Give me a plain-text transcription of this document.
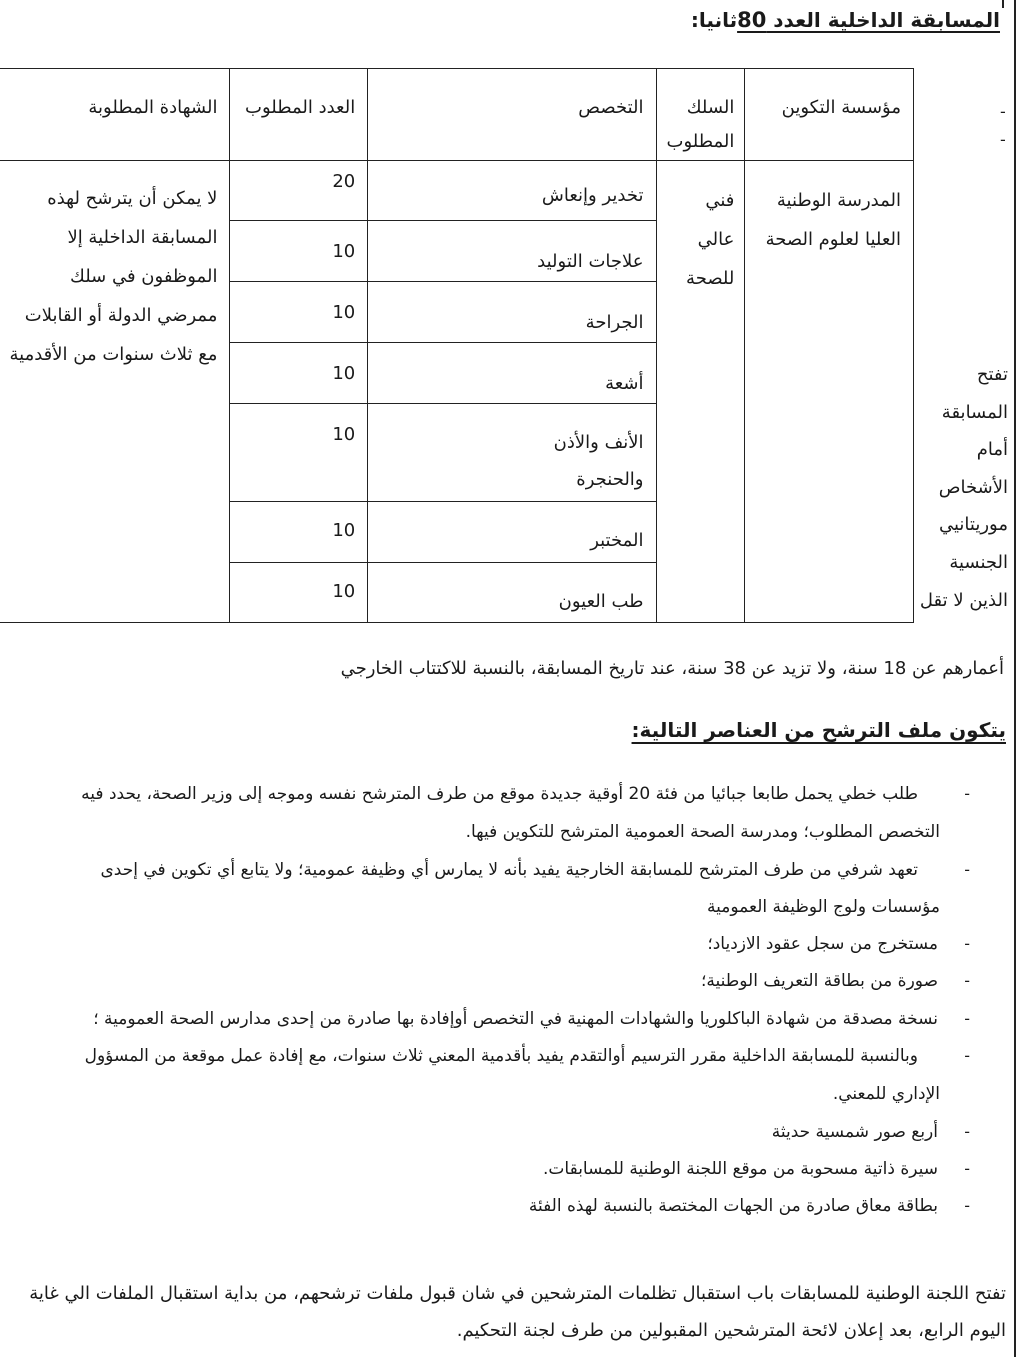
المسابقة الداخلية العدد 80ثانيا:
-
-
مؤسسة التكوين	السلك المطلوب	التخصص	العدد المطلوب	الشهادة المطلوبة

المدرسة الوطنية العليا لعلوم الصحة	فني عالي للصحة	تخدير وإنعاش	20	لا يمكن أن يترشح لهذه المسابقة الداخلية إلا الموظفون في سلك ممرضي الدولة أو القابلات مع ثلاث سنوات من الأقدمية

		علاجات التوليد	10	

		الجراحة	10	

		أشعة	10	

		الأنف والأذن والحنجرة	10	

		المختبر	10	

		طب العيون	10	
تفتح المسابقة أمام الأشخاص موريتانيي الجنسية الذين لا تقل
أعمارهم عن 18 سنة، ولا تزيد عن 38 سنة، عند تاريخ المسابقة، بالنسبة للاكتتاب الخارجي
يتكون ملف الترشح من العناصر التالية:
-
طلب خطي يحمل طابعا جبائيا من فئة 20 أوقية جديدة موقع من طرف المترشح نفسه وموجه إلى وزير الصحة، يحدد فيه
التخصص المطلوب؛ ومدرسة الصحة العمومية المترشح للتكوين فيها.
-
تعهد شرفي من طرف المترشح للمسابقة الخارجية يفيد بأنه لا يمارس أي وظيفة عمومية؛ ولا يتابع أي تكوين في إحدى
مؤسسات ولوج الوظيفة العمومية
-
مستخرج من سجل عقود الازدياد؛
-
صورة من بطاقة التعريف الوطنية؛
-
نسخة مصدقة من شهادة الباكلوريا والشهادات المهنية في التخصص أوإفادة بها صادرة من إحدى مدارس الصحة العمومية ؛
-
وبالنسبة للمسابقة الداخلية مقرر الترسيم أوالتقدم يفيد بأقدمية المعني ثلاث سنوات، مع إفادة عمل موقعة من المسؤول
الإداري للمعني.
-
أربع صور شمسية حديثة
-
سيرة ذاتية مسحوبة من موقع اللجنة الوطنية للمسابقات.
-
بطاقة معاق صادرة من الجهات المختصة بالنسبة لهذه الفئة
تفتح اللجنة الوطنية للمسابقات باب استقبال تظلمات المترشحين في شان قبول ملفات ترشحهم، من بداية استقبال الملفات الي غاية
اليوم الرابع، بعد إعلان لائحة المترشحين المقبولين من طرف لجنة التحكيم.
